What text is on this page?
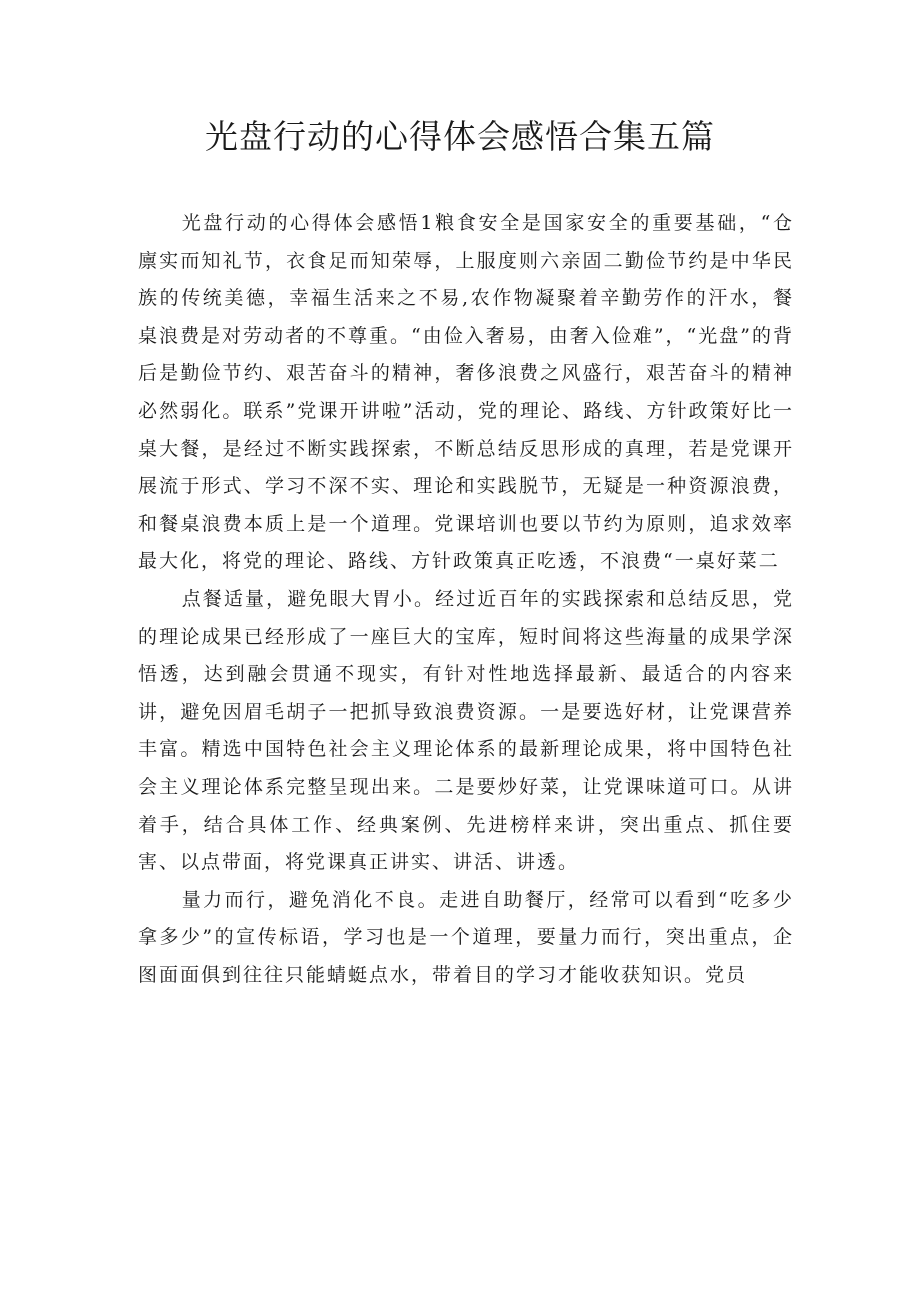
光盘行动的心得体会感悟合集五篇

光盘行动的心得体会感悟1粮食安全是国家安全的重要基础，“仓廪实而知礼节，衣食足而知荣辱，上服度则六亲固二勤俭节约是中华民族的传统美德，幸福生活来之不易,农作物凝聚着辛勤劳作的汗水，餐桌浪费是对劳动者的不尊重。“由俭入奢易，由奢入俭难”，“光盘”的背后是勤俭节约、艰苦奋斗的精神，奢侈浪费之风盛行，艰苦奋斗的精神必然弱化。联系”党课开讲啦”活动，党的理论、路线、方针政策好比一桌大餐，是经过不断实践探索，不断总结反思形成的真理，若是党课开展流于形式、学习不深不实、理论和实践脱节，无疑是一种资源浪费，和餐桌浪费本质上是一个道理。党课培训也要以节约为原则，追求效率最大化，将党的理论、路线、方针政策真正吃透，不浪费“一桌好菜二

点餐适量，避免眼大胃小。经过近百年的实践探索和总结反思，党的理论成果已经形成了一座巨大的宝库，短时间将这些海量的成果学深悟透，达到融会贯通不现实，有针对性地选择最新、最适合的内容来讲，避免因眉毛胡子一把抓导致浪费资源。一是要选好材，让党课营养丰富。精选中国特色社会主义理论体系的最新理论成果，将中国特色社会主义理论体系完整呈现出来。二是要炒好菜，让党课味道可口。从讲着手，结合具体工作、经典案例、先进榜样来讲，突出重点、抓住要害、以点带面，将党课真正讲实、讲活、讲透。

量力而行，避免消化不良。走进自助餐厅，经常可以看到“吃多少拿多少”的宣传标语，学习也是一个道理，要量力而行，突出重点，企图面面俱到往往只能蜻蜓点水，带着目的学习才能收获知识。党员
